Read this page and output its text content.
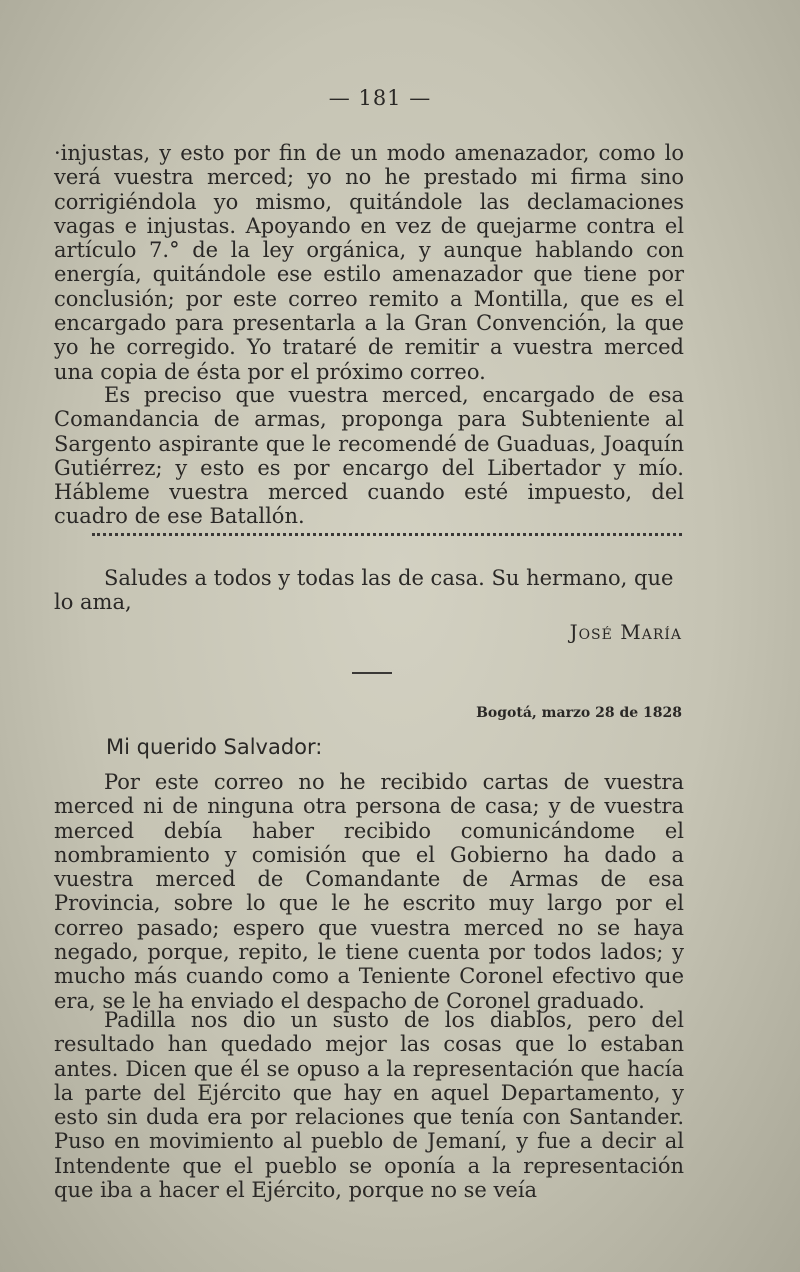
— 181 —
·injustas, y esto por fin de un modo amenazador, como lo verá vuestra merced; yo no he prestado mi firma sino corrigiéndola yo mismo, quitándole las declamaciones vagas e injustas. Apoyando en vez de quejarme contra el artículo 7.° de la ley orgánica, y aunque hablando con energía, quitándole ese estilo amenazador que tiene por conclusión; por este correo remito a Montilla, que es el encargado para presentarla a la Gran Convención, la que yo he corregido. Yo trataré de remitir a vuestra merced una copia de ésta por el próximo correo.
Es preciso que vuestra merced, encargado de esa Comandancia de armas, proponga para Subteniente al Sargento aspirante que le recomendé de Guaduas, Joaquín Gutiérrez; y esto es por encargo del Libertador y mío. Hábleme vuestra merced cuando esté impuesto, del cuadro de ese Batallón.
Saludes a todos y todas las de casa. Su hermano, que
lo ama,
José María
Bogotá, marzo 28 de 1828
Mi querido Salvador:
Por este correo no he recibido cartas de vuestra merced ni de ninguna otra persona de casa; y de vuestra merced debía haber recibido comunicándome el nombramiento y comisión que el Gobierno ha dado a vuestra merced de Comandante de Armas de esa Provincia, sobre lo que le he escrito muy largo por el correo pasado; espero que vuestra merced no se haya negado, porque, repito, le tiene cuenta por todos lados; y mucho más cuando como a Teniente Coronel efectivo que era, se le ha enviado el despacho de Coronel graduado.
Padilla nos dio un susto de los diablos, pero del resultado han quedado mejor las cosas que lo estaban antes. Dicen que él se opuso a la representación que hacía la parte del Ejército que hay en aquel Departamento, y esto sin duda era por relaciones que tenía con Santander. Puso en movimiento al pueblo de Jemaní, y fue a decir al Intendente que el pueblo se oponía a la representación que iba a hacer el Ejército, porque no se veía
